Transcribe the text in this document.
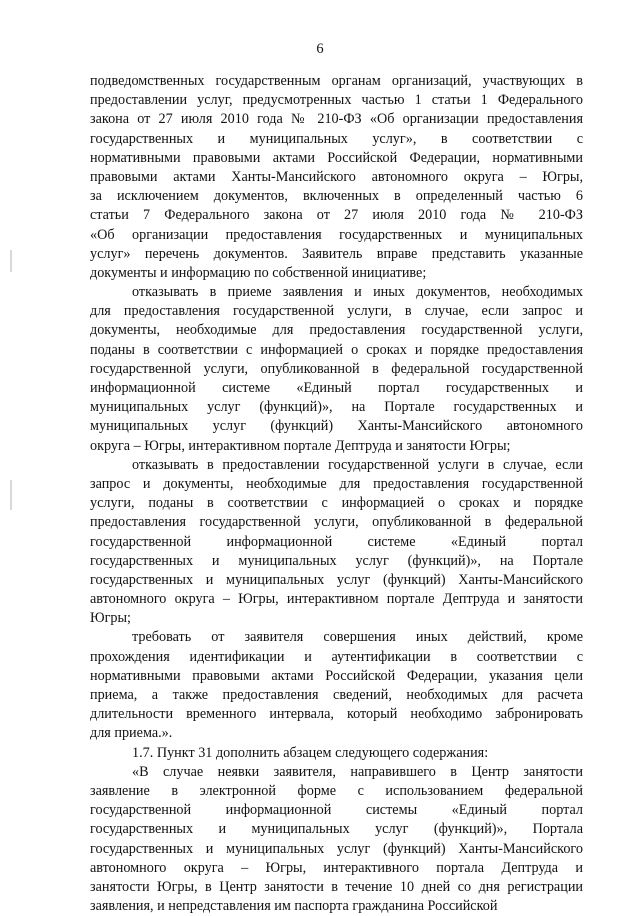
6
подведомственных государственным органам организаций, участвующих в
предоставлении услуг, предусмотренных частью 1 статьи 1 Федерального
закона от 27 июля 2010 года № 210-ФЗ «Об организации предоставления
государственных и муниципальных услуг», в соответствии с
нормативными правовыми актами Российской Федерации, нормативными
правовыми актами Ханты-Мансийского автономного округа – Югры,
за исключением документов, включенных в определенный частью 6
статьи 7 Федерального закона от 27 июля 2010 года № 210-ФЗ
«Об организации предоставления государственных и муниципальных
услуг» перечень документов. Заявитель вправе представить указанные
документы и информацию по собственной инициативе;
отказывать в приеме заявления и иных документов, необходимых
для предоставления государственной услуги, в случае, если запрос и
документы, необходимые для предоставления государственной услуги,
поданы в соответствии с информацией о сроках и порядке предоставления
государственной услуги, опубликованной в федеральной государственной
информационной системе «Единый портал государственных и
муниципальных услуг (функций)», на Портале государственных и
муниципальных услуг (функций) Ханты-Мансийского автономного
округа – Югры, интерактивном портале Дептруда и занятости Югры;
отказывать в предоставлении государственной услуги в случае, если
запрос и документы, необходимые для предоставления государственной
услуги, поданы в соответствии с информацией о сроках и порядке
предоставления государственной услуги, опубликованной в федеральной
государственной информационной системе «Единый портал
государственных и муниципальных услуг (функций)», на Портале
государственных и муниципальных услуг (функций) Ханты-Мансийского
автономного округа – Югры, интерактивном портале Дептруда и занятости
Югры;
требовать от заявителя совершения иных действий, кроме
прохождения идентификации и аутентификации в соответствии с
нормативными правовыми актами Российской Федерации, указания цели
приема, а также предоставления сведений, необходимых для расчета
длительности временного интервала, который необходимо забронировать
для приема.».
1.7. Пункт 31 дополнить абзацем следующего содержания:
«В случае неявки заявителя, направившего в Центр занятости
заявление в электронной форме с использованием федеральной
государственной информационной системы «Единый портал
государственных и муниципальных услуг (функций)», Портала
государственных и муниципальных услуг (функций) Ханты-Мансийского
автономного округа – Югры, интерактивного портала Дептруда и
занятости Югры, в Центр занятости в течение 10 дней со дня регистрации
заявления, и непредставления им паспорта гражданина Российской
